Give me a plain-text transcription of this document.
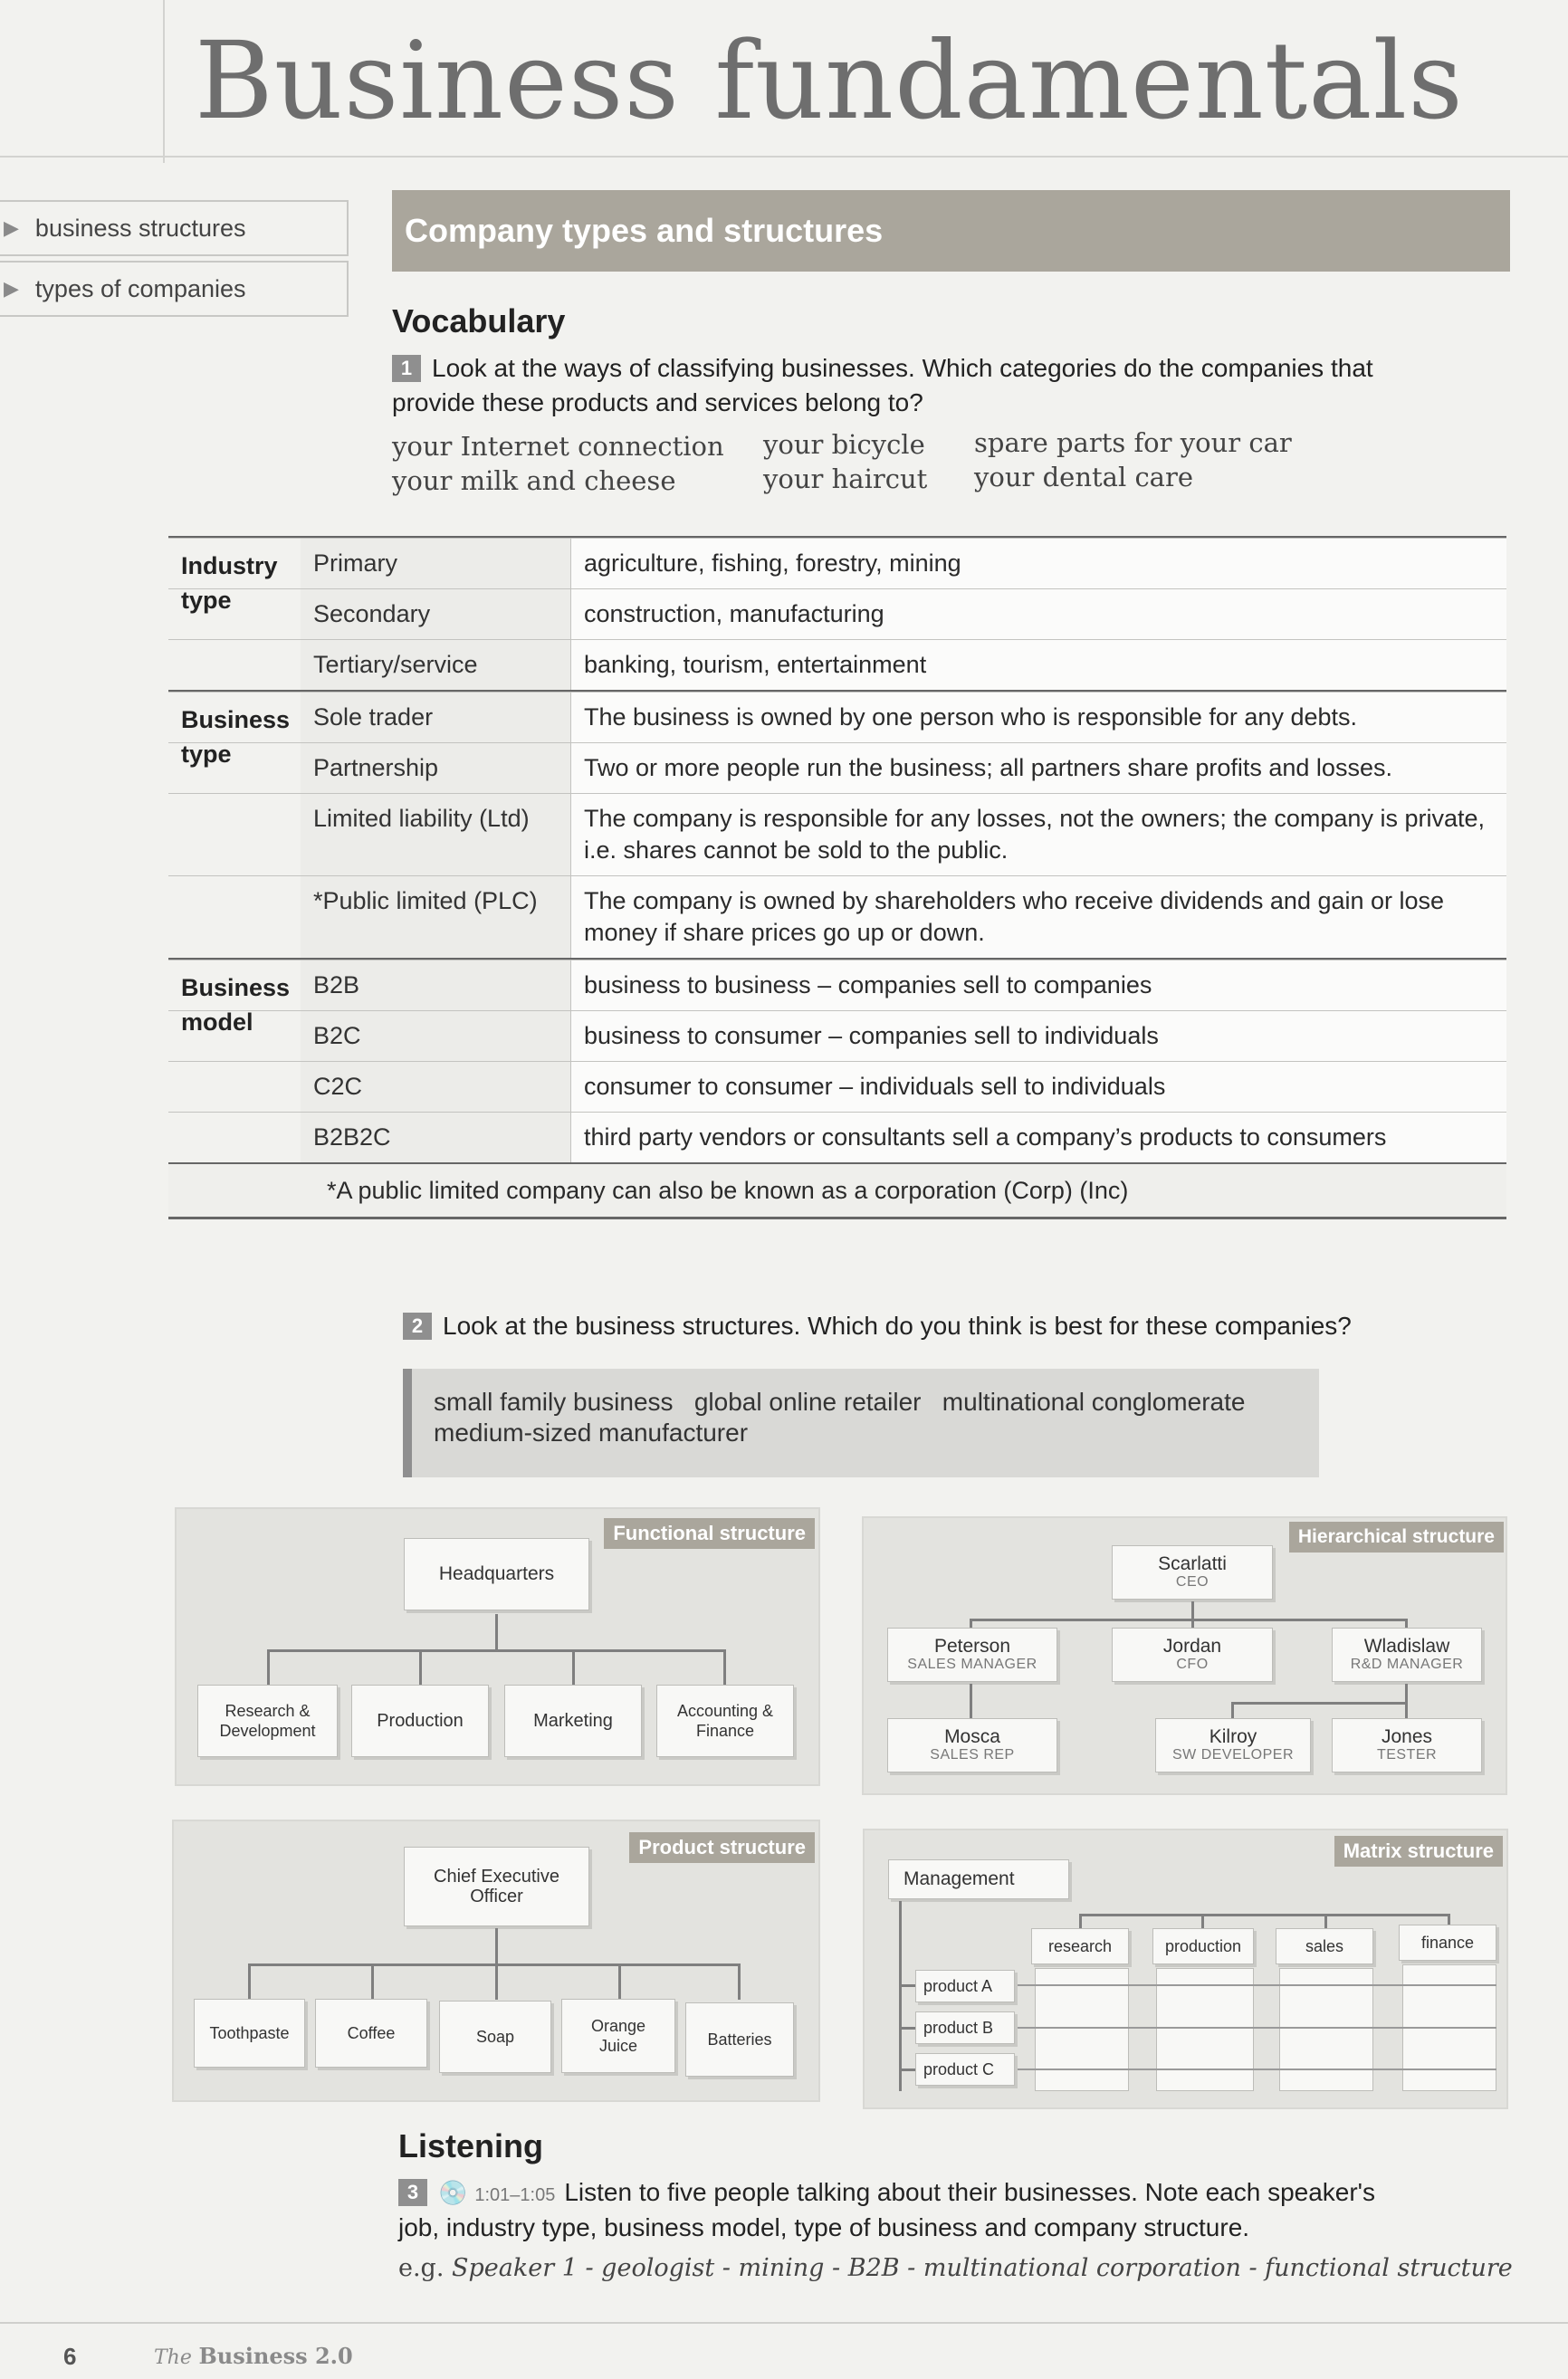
Business fundamentals
▶ business structures
▶ types of companies
Company types and structures
Vocabulary
1 Look at the ways of classifying businesses. Which categories do the companies that
provide these products and services belong to?
your Internet connection
your milk and cheese
your bicycle
your haircut
spare parts for your car
your dental care
Industry type
Primary	agriculture, fishing, forestry, mining
Secondary	construction, manufacturing
Tertiary/service	banking, tourism, entertainment
Business type
Sole trader	The business is owned by one person who is responsible for any debts.
Partnership	Two or more people run the business; all partners share profits and losses.
Limited liability (Ltd)	The company is responsible for any losses, not the owners; the company is private, i.e. shares cannot be sold to the public.
*Public limited (PLC)	The company is owned by shareholders who receive dividends and gain or lose money if share prices go up or down.
Business model
B2B	business to business – companies sell to companies
B2C	business to consumer – companies sell to individuals
C2C	consumer to consumer – individuals sell to individuals
B2B2C	third party vendors or consultants sell a company’s products to consumers
*A public limited company can also be known as a corporation (Corp) (Inc)
2 Look at the business structures. Which do you think is best for these companies?
small family business   global online retailer   multinational conglomerate
medium-sized manufacturer
Functional structure
Headquarters
Research & Development	Production	Marketing	Accounting & Finance
Hierarchical structure
Scarlatti
CEO
Peterson
SALES MANAGER
Jordan
CFO
Wladislaw
R&D MANAGER
Mosca
SALES REP
Kilroy
SW DEVELOPER
Jones
TESTER
Product structure
Chief Executive Officer
Toothpaste	Coffee	Soap
Orange Juice	Batteries
Matrix structure
Management
research	production	sales	finance
product A
product B
product C
Listening
3 💿 1:01–1:05 Listen to five people talking about their businesses. Note each speaker's
job, industry type, business model, type of business and company structure.
e.g. Speaker 1 - geologist - mining - B2B - multinational corporation - functional structure
6	The Business 2.0
